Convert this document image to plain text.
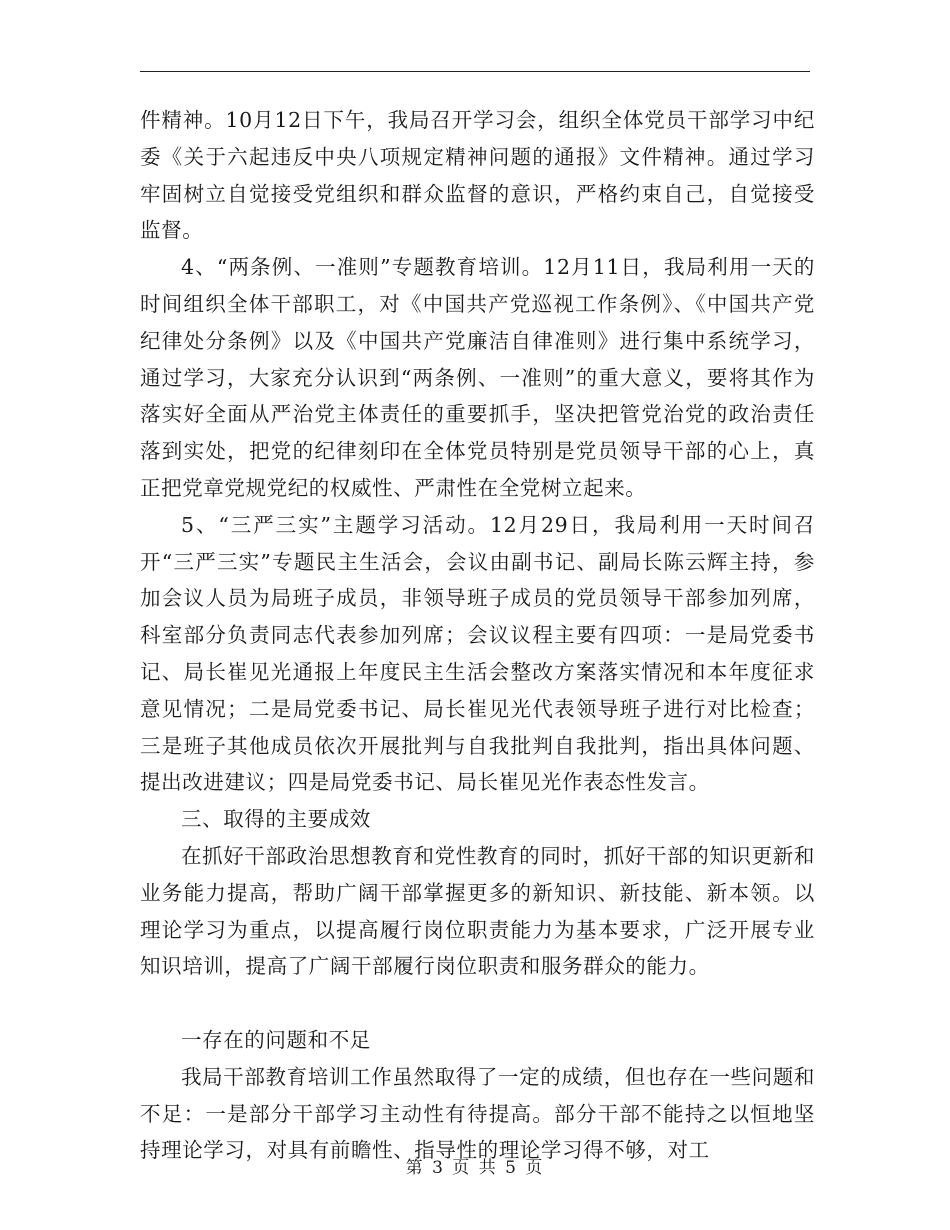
件精神。10月12日下午，我局召开学习会，组织全体党员干部学习中纪委《关于六起违反中央八项规定精神问题的通报》文件精神。通过学习牢固树立自觉接受党组织和群众监督的意识，严格约束自己，自觉接受监督。

4、“两条例、一准则”专题教育培训。12月11日，我局利用一天的时间组织全体干部职工，对《中国共产党巡视工作条例》、《中国共产党纪律处分条例》以及《中国共产党廉洁自律准则》进行集中系统学习，通过学习，大家充分认识到“两条例、一准则”的重大意义，要将其作为落实好全面从严治党主体责任的重要抓手，坚决把管党治党的政治责任落到实处，把党的纪律刻印在全体党员特别是党员领导干部的心上，真正把党章党规党纪的权威性、严肃性在全党树立起来。

5、“三严三实”主题学习活动。12月29日，我局利用一天时间召开“三严三实”专题民主生活会，会议由副书记、副局长陈云辉主持，参加会议人员为局班子成员，非领导班子成员的党员领导干部参加列席，科室部分负责同志代表参加列席；会议议程主要有四项：一是局党委书记、局长崔见光通报上年度民主生活会整改方案落实情况和本年度征求意见情况；二是局党委书记、局长崔见光代表领导班子进行对比检查；三是班子其他成员依次开展批判与自我批判自我批判，指出具体问题、提出改进建议；四是局党委书记、局长崔见光作表态性发言。

三、取得的主要成效

在抓好干部政治思想教育和党性教育的同时，抓好干部的知识更新和业务能力提高，帮助广阔干部掌握更多的新知识、新技能、新本领。以理论学习为重点，以提高履行岗位职责能力为基本要求，广泛开展专业知识培训，提高了广阔干部履行岗位职责和服务群众的能力。

一存在的问题和不足

我局干部教育培训工作虽然取得了一定的成绩，但也存在一些问题和不足：一是部分干部学习主动性有待提高。部分干部不能持之以恒地坚持理论学习，对具有前瞻性、指导性的理论学习得不够，对工

第 3 页 共 5 页
